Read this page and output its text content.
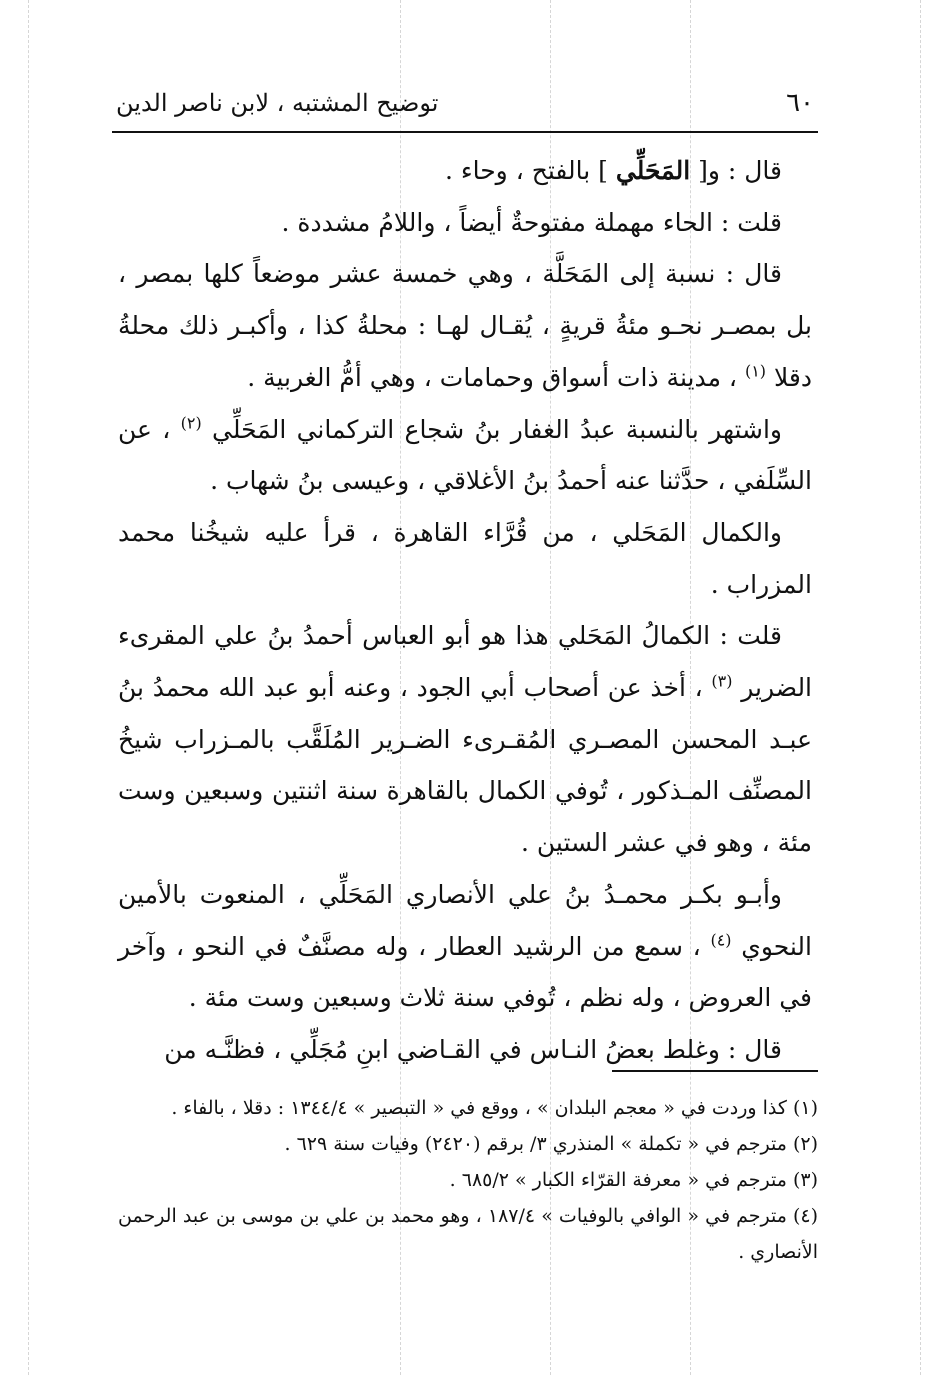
٦٠
توضيح المشتبه ، لابن ناصر الدين

قال : و[ المَحَلِّي ] بالفتح ، وحاء .

قلت : الحاء مهملة مفتوحةٌ أيضاً ، واللامُ مشددة .

قال : نسبة إلى المَحَلَّة ، وهي خمسة عشر موضعاً كلها بمصر ، بل بمصـر نحـو مئةُ قريةٍ ، يُقـال لهـا : محلةُ كذا ، وأكبـر ذلك محلةُ دقلا $^{(١)}$ ، مدينة ذات أسواق وحمامات ، وهي أمُّ الغربية .

واشتهر بالنسبة عبدُ الغفار بنُ شجاع التركماني المَحَلِّي $^{(٢)}$ ، عن السِّلَفي ، حدَّثنا عنه أحمدُ بنُ الأغلاقي ، وعيسى بنُ شهاب .

والكمال المَحَلي ، من قُرَّاء القاهرة ، قرأ عليه شيخُنا محمد المزراب .

قلت : الكمالُ المَحَلي هذا هو أبو العباس أحمدُ بنُ علي المقرىء الضرير $^{(٣)}$ ، أخذ عن أصحاب أبي الجود ، وعنه أبو عبد الله محمدُ بنُ عبـد المحسن المصـري المُقـرىء الضـرير المُلَقَّب بالمـزراب شيخُ المصنِّف المـذكور ، تُوفي الكمال بالقاهرة سنة اثنتين وسبعين وست مئة ، وهو في عشر الستين .

وأبـو بكـر محمـدُ بنُ علي الأنصاري المَحَلِّي ، المنعوت بالأمين النحوي $^{(٤)}$ ، سمع من الرشيد العطار ، وله مصنَّفٌ في النحو ، وآخر في العروض ، وله نظم ، تُوفي سنة ثلاث وسبعين وست مئة .

قال : وغلط بعضُ النـاس في القـاضي ابنِ مُجَلِّي ، فظنَّـه من

(١)كذا وردت في « معجم البلدان » ، ووقع في « التبصير » ١٣٤٤/٤ : دقلا ، بالفاء .

(٢)مترجم في « تكملة » المنذري ٣/ برقم (٢٤٢٠) وفيات سنة ٦٢٩ .

(٣)مترجم في « معرفة القرّاء الكبار » ٦٨٥/٢ .

(٤)مترجم في « الوافي بالوفيات » ١٨٧/٤ ، وهو محمد بن علي بن موسى بن عبد الرحمن الأنصاري .
